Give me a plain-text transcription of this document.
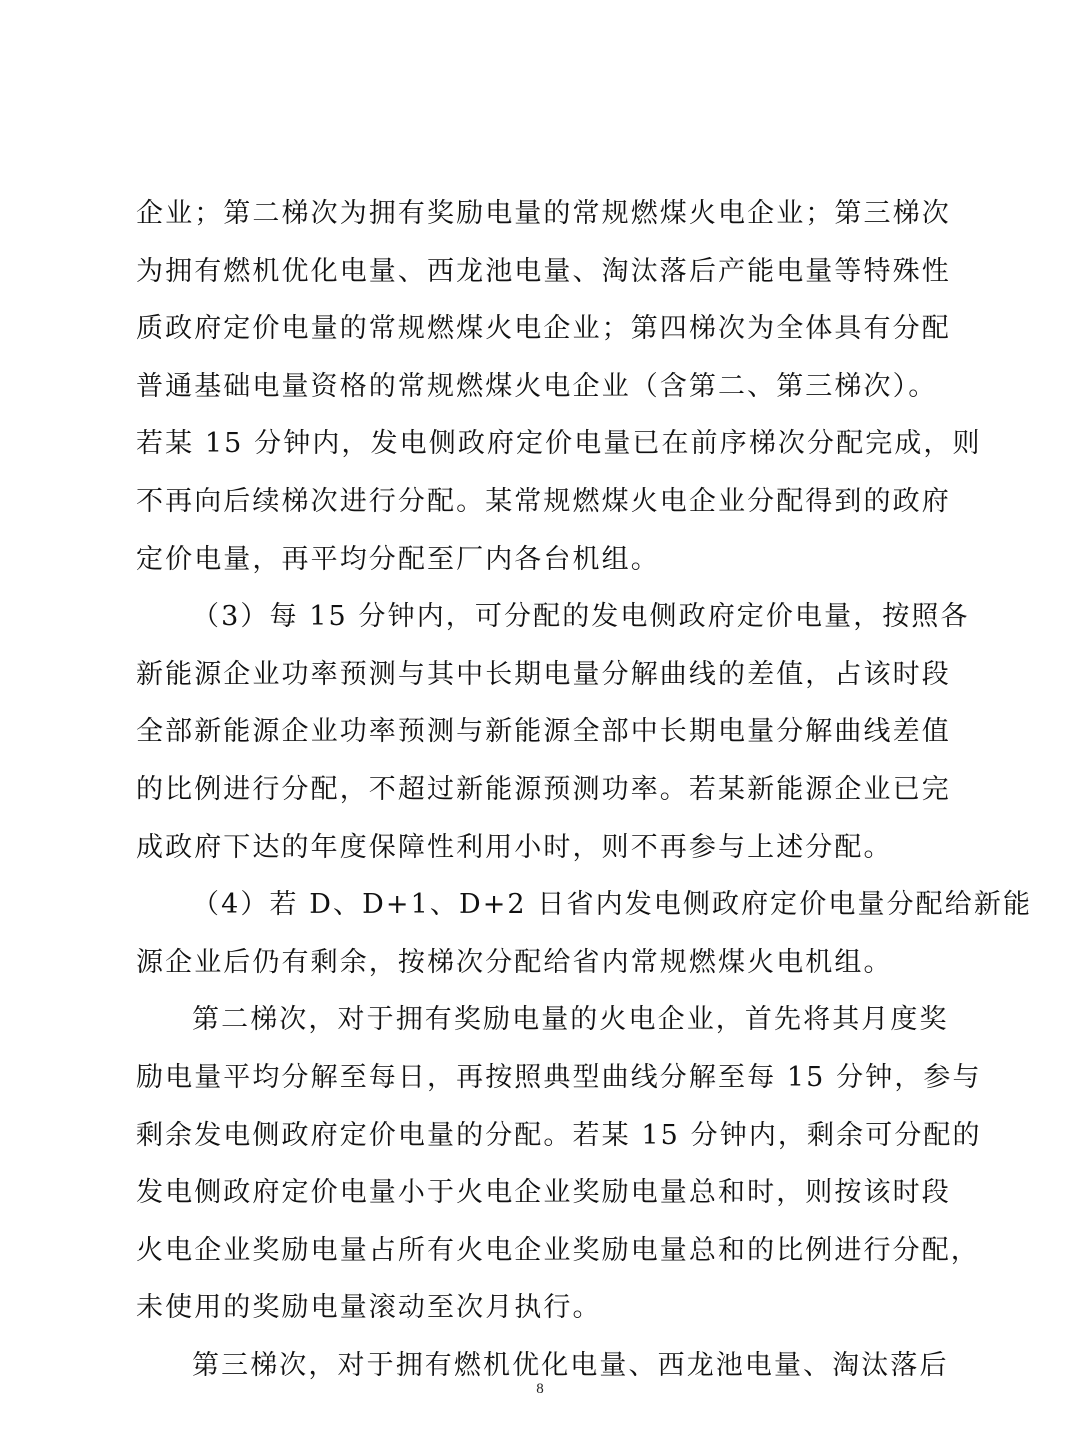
企业；第二梯次为拥有奖励电量的常规燃煤火电企业；第三梯次
为拥有燃机优化电量、西龙池电量、淘汰落后产能电量等特殊性
质政府定价电量的常规燃煤火电企业；第四梯次为全体具有分配
普通基础电量资格的常规燃煤火电企业（含第二、第三梯次）。
若某 15 分钟内，发电侧政府定价电量已在前序梯次分配完成，则
不再向后续梯次进行分配。某常规燃煤火电企业分配得到的政府
定价电量，再平均分配至厂内各台机组。
（3）每 15 分钟内，可分配的发电侧政府定价电量，按照各
新能源企业功率预测与其中长期电量分解曲线的差值，占该时段
全部新能源企业功率预测与新能源全部中长期电量分解曲线差值
的比例进行分配，不超过新能源预测功率。若某新能源企业已完
成政府下达的年度保障性利用小时，则不再参与上述分配。
（4）若 D、D+1、D+2 日省内发电侧政府定价电量分配给新能
源企业后仍有剩余，按梯次分配给省内常规燃煤火电机组。
第二梯次，对于拥有奖励电量的火电企业，首先将其月度奖
励电量平均分解至每日，再按照典型曲线分解至每 15 分钟，参与
剩余发电侧政府定价电量的分配。若某 15 分钟内，剩余可分配的
发电侧政府定价电量小于火电企业奖励电量总和时，则按该时段
火电企业奖励电量占所有火电企业奖励电量总和的比例进行分配，
未使用的奖励电量滚动至次月执行。
第三梯次，对于拥有燃机优化电量、西龙池电量、淘汰落后
8
